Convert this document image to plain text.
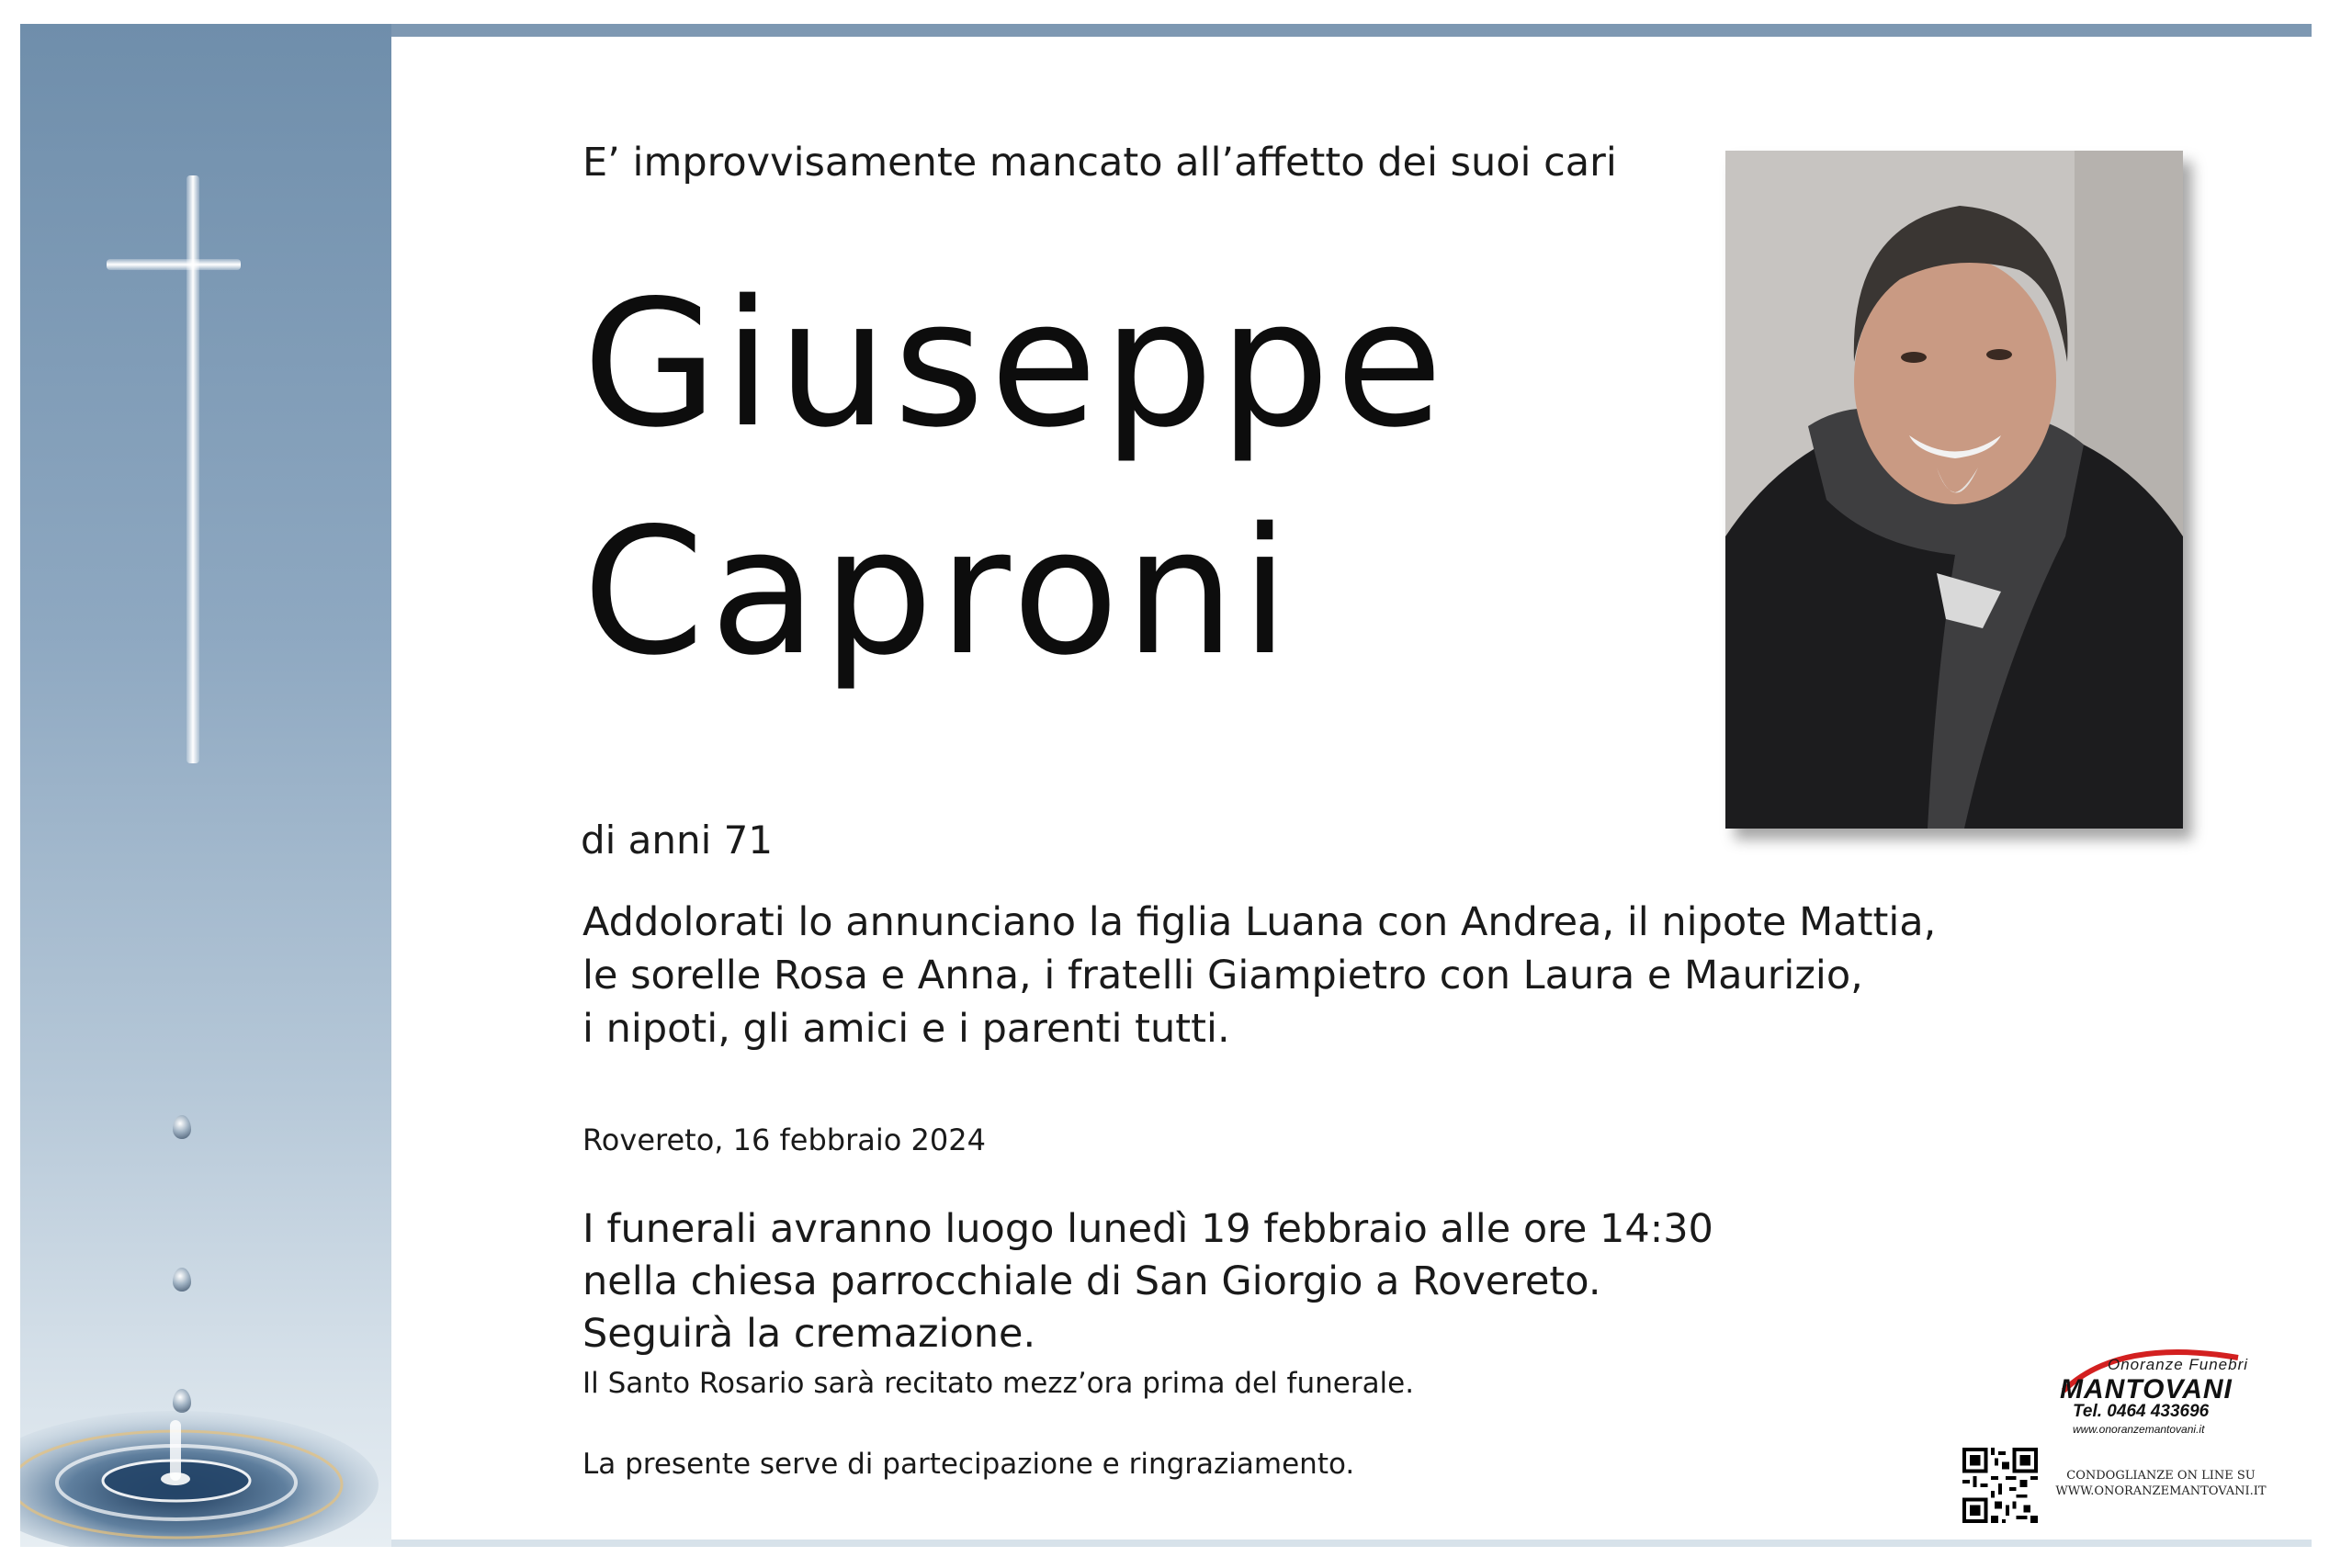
E’ improvvisamente mancato all’affetto dei suoi cari
Giuseppe
Caproni
di anni 71
Addolorati lo annunciano la figlia Luana con Andrea, il nipote Mattia,
le sorelle Rosa e Anna, i fratelli Giampietro con Laura e Maurizio,
i nipoti, gli amici e i parenti tutti.
Rovereto, 16 febbraio 2024
I funerali avranno luogo lunedì 19 febbraio alle ore 14:30
nella chiesa parrocchiale di San Giorgio a Rovereto.
Seguirà la cremazione.
Il Santo Rosario sarà recitato mezz’ora prima del funerale.
La presente serve di partecipazione e ringraziamento.
Onoranze Funebri
MANTOVANI
Tel. 0464 433696
www.onoranzemantovani.it
CONDOGLIANZE ON LINE SU
WWW.ONORANZEMANTOVANI.IT
